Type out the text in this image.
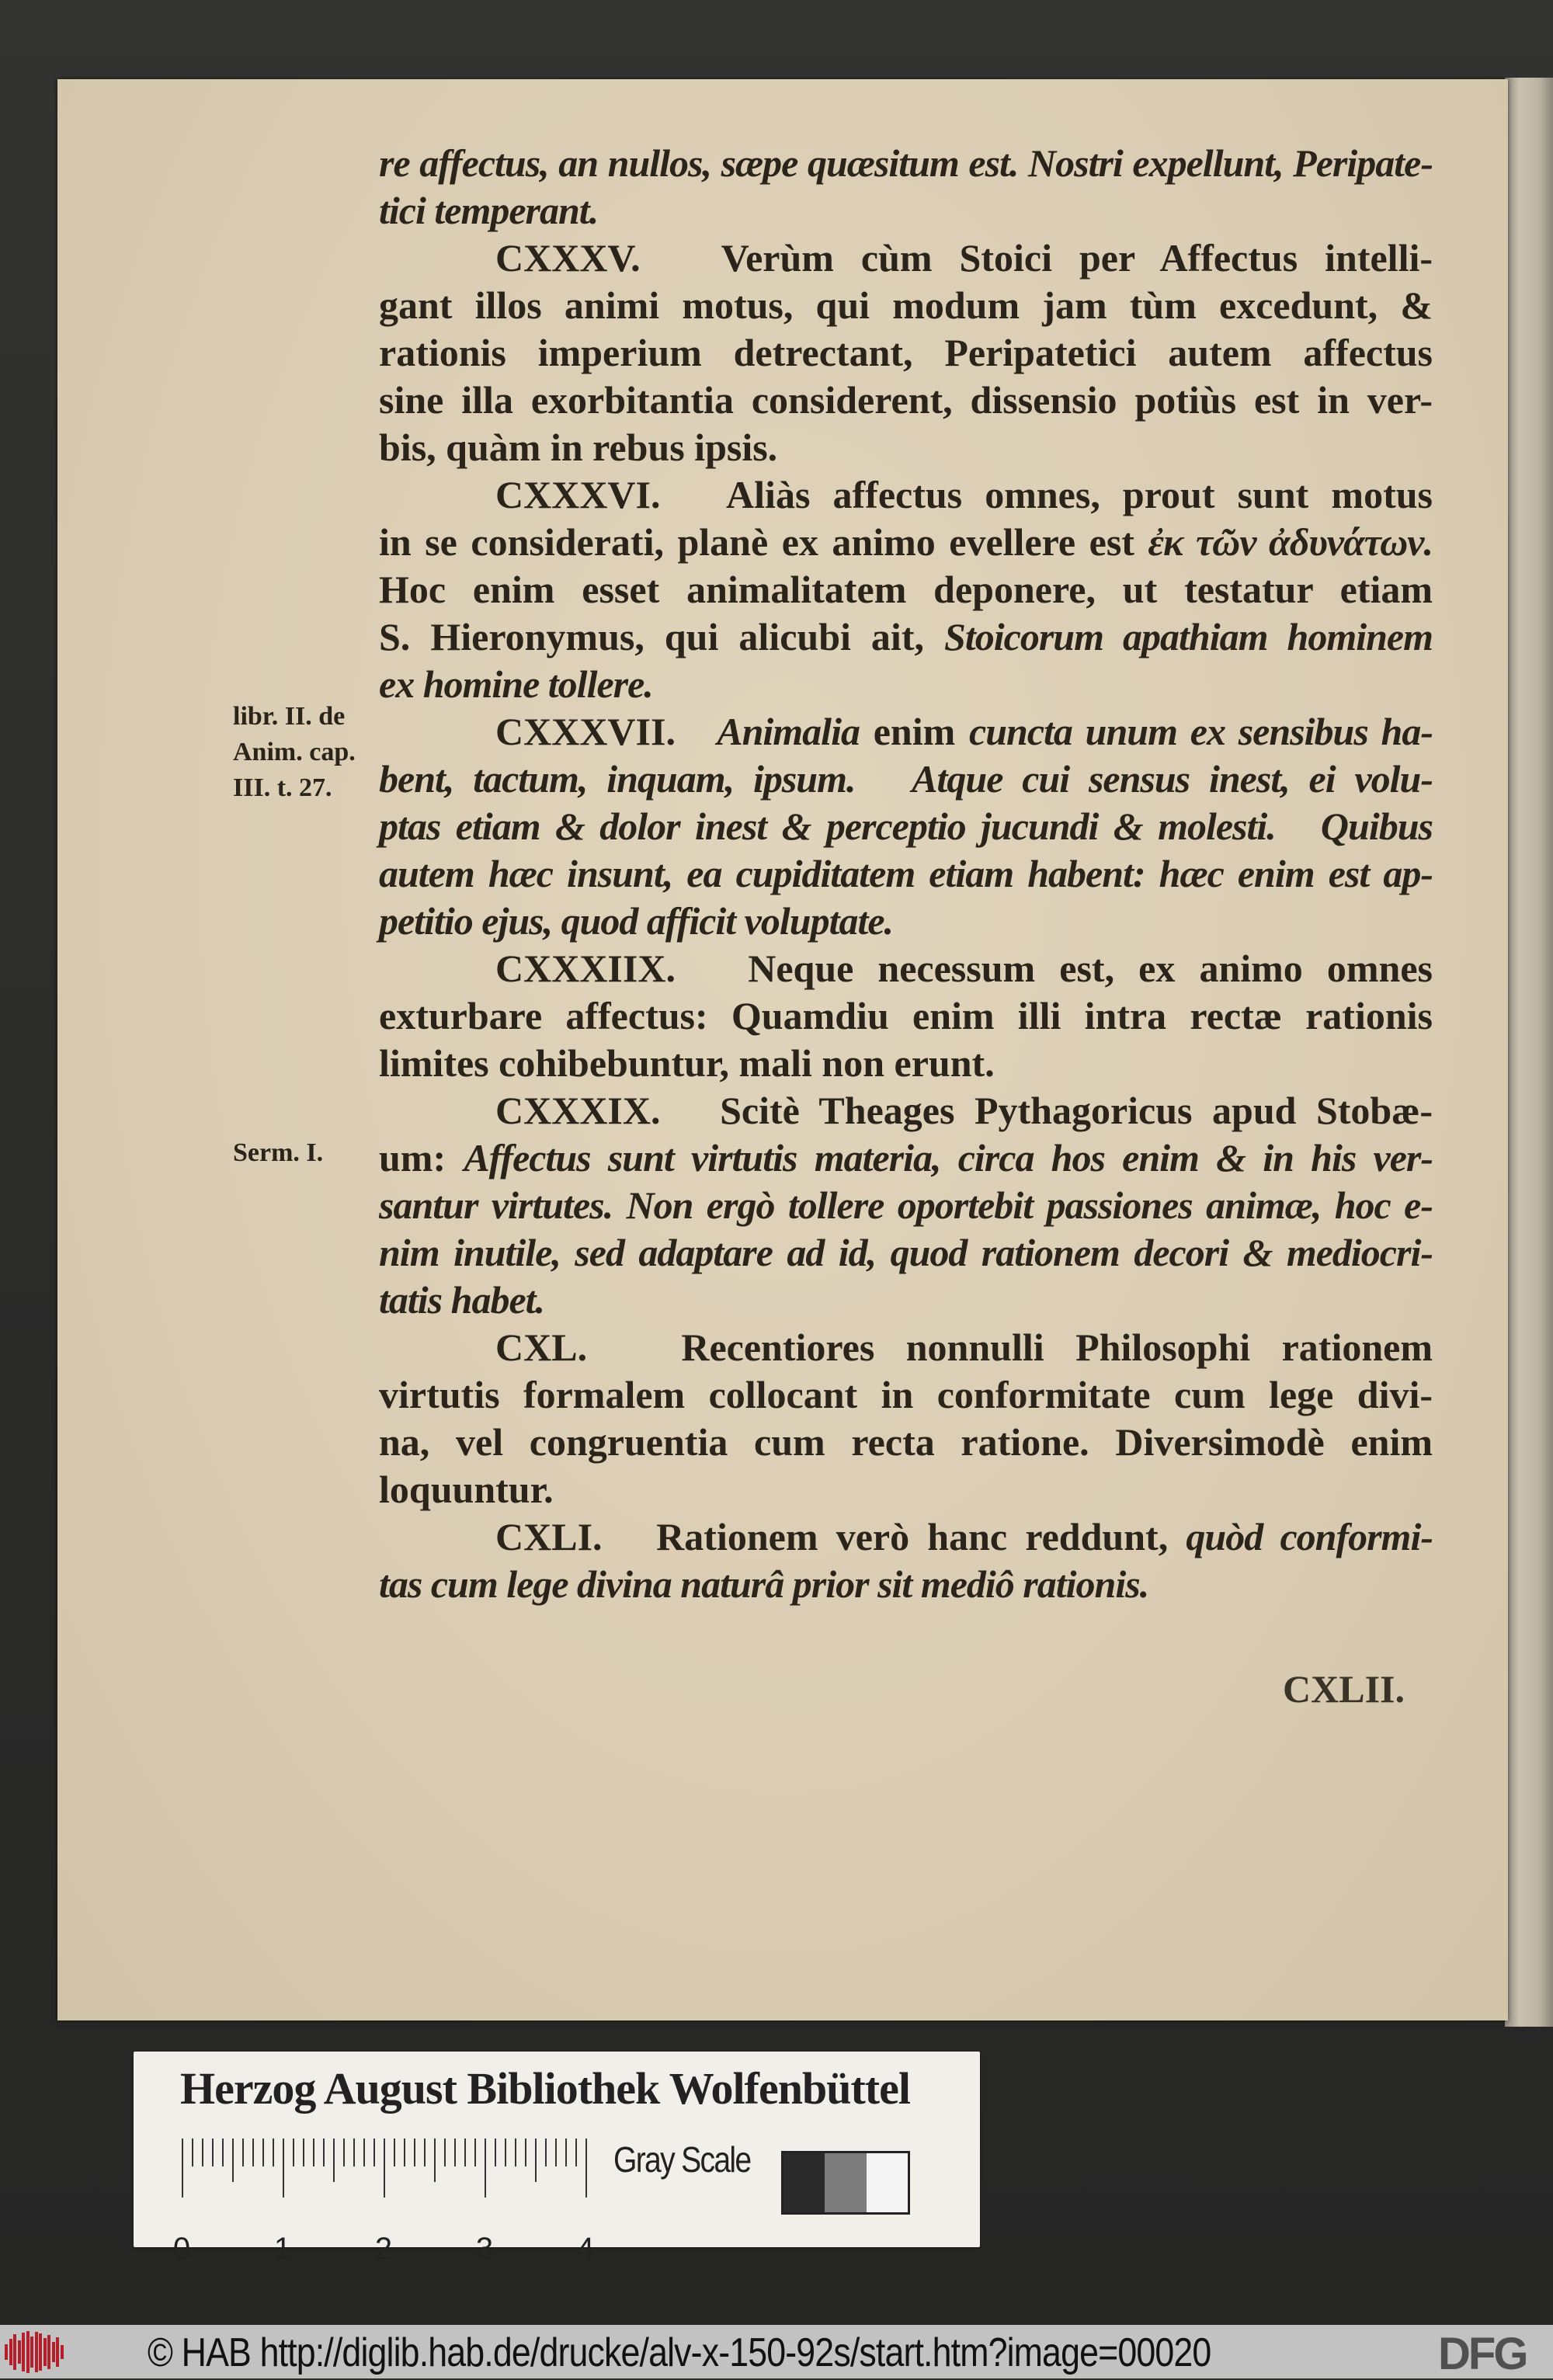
re affectus, an nullos, sæpe quæsitum est. Nostri expellunt, Peripate-
tici temperant.
CXXXV.   Verùm cùm Stoici per Affectus intelli-
gant illos animi motus, qui modum jam tùm excedunt, &
rationis imperium detrectant, Peripatetici autem affectus
sine illa exorbitantia considerent, dissensio potiùs est in ver-
bis, quàm in rebus ipsis.
CXXXVI.   Aliàs affectus omnes, prout sunt motus
in se considerati, planè ex animo evellere est ἐκ τῶν ἀδυνάτων.
Hoc enim esset animalitatem deponere, ut testatur etiam
S. Hieronymus, qui alicubi ait, Stoicorum apathiam hominem
ex homine tollere.
CXXXVII.   Animalia enim cuncta unum ex sensibus ha-
bent, tactum, inquam, ipsum.   Atque cui sensus inest, ei volu-
ptas etiam & dolor inest & perceptio jucundi & molesti.   Quibus
autem hæc insunt, ea cupiditatem etiam habent: hæc enim est ap-
petitio ejus, quod afficit voluptate.
CXXXIIX.   Neque necessum est, ex animo omnes
exturbare affectus: Quamdiu enim illi intra rectæ rationis
limites cohibebuntur, mali non erunt.
CXXXIX.   Scitè Theages Pythagoricus apud Stobæ-
um: Affectus sunt virtutis materia, circa hos enim & in his ver-
santur virtutes. Non ergò tollere oportebit passiones animæ, hoc e-
nim inutile, sed adaptare ad id, quod rationem decori & mediocri-
tatis habet.
CXL.   Recentiores nonnulli Philosophi rationem
virtutis formalem collocant in conformitate cum lege divi-
na, vel congruentia cum recta ratione. Diversimodè enim
loquuntur.
CXLI.   Rationem verò hanc reddunt, quòd conformi-
tas cum lege divina naturâ prior sit mediô rationis.
libr. II. de
Anim. cap.
III. t. 27.
Serm. I.
CXLII.
Herzog August Bibliothek Wolfenbüttel
0	1	2	3	4
Gray Scale
© HAB http://diglib.hab.de/drucke/alv-x-150-92s/start.htm?image=00020	DFG
